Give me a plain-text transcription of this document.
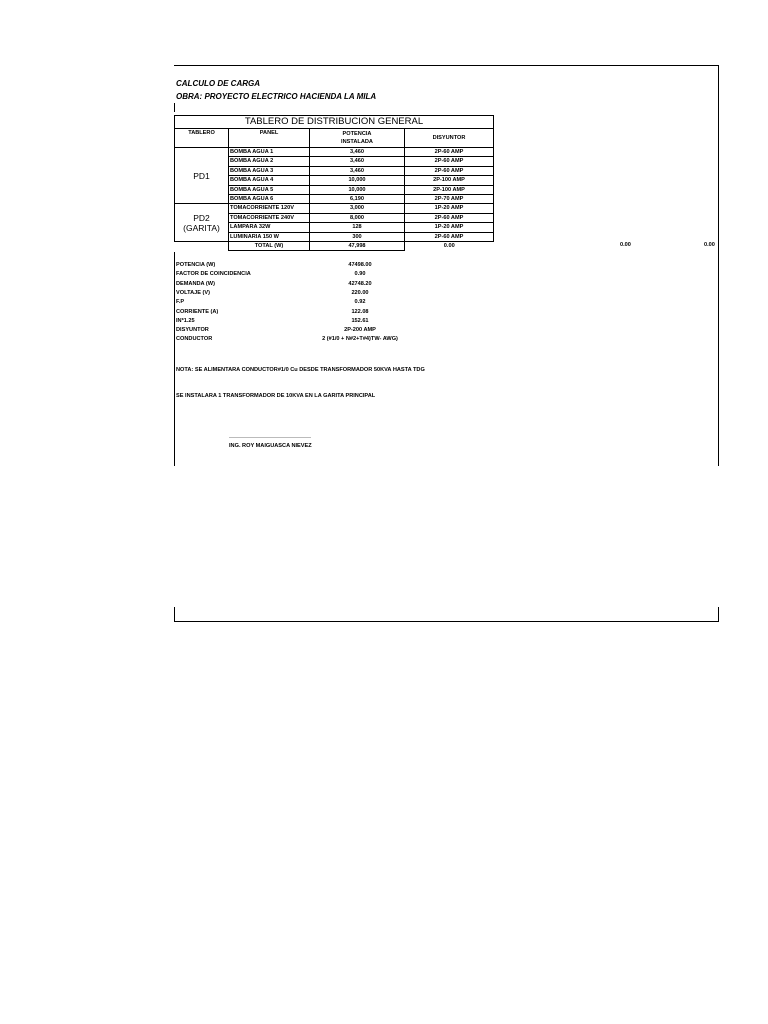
CALCULO DE CARGA
OBRA: PROYECTO ELECTRICO HACIENDA LA MILA
TABLERO DE DISTRIBUCION GENERAL			
TABLERO	PANEL	POTENCIA
INSTALADA		DISYUNTOR
PD1	BOMBA AGUA 1	3,460		2P-60 AMP
	BOMBA AGUA 2	3,460		2P-60 AMP
	BOMBA AGUA 3	3,460		2P-60 AMP
	BOMBA AGUA 4	10,000		2P-100 AMP
	BOMBA AGUA 5	10,000		2P-100 AMP
	BOMBA AGUA 6	6,190		2P-70 AMP
PD2
(GARITA)	TOMACORRIENTE 120V	3,000		1P-20 AMP
	TOMACORRIENTE 240V	8,000		2P-60 AMP
	LAMPARA 32W	128		1P-20 AMP
	LUMINARIA 150 W	300		2P-60 AMP
	TOTAL (W)	47,998		0.00	0.00	0.00
POTENCIA (W)	47498.00
FACTOR DE COINCIDENCIA	0.90
DEMANDA (W)	42748.20
VOLTAJE (V)	220.00
F.P	0.92
CORRIENTE (A)	122.08
IN*1.25	152.61
DISYUNTOR	2P-200 AMP
CONDUCTOR	2 (#1/0 + N#2+T#4)TW- AWG)
NOTA: SE ALIMENTARA CONDUCTOR#1/0 Cu DESDE TRANSFORMADOR 50KVA HASTA TDG
SE INSTALARA 1 TRANSFORMADOR DE 10KVA EN LA GARITA PRINCIPAL
ING. ROY MAIGUASCA NIEVEZ
